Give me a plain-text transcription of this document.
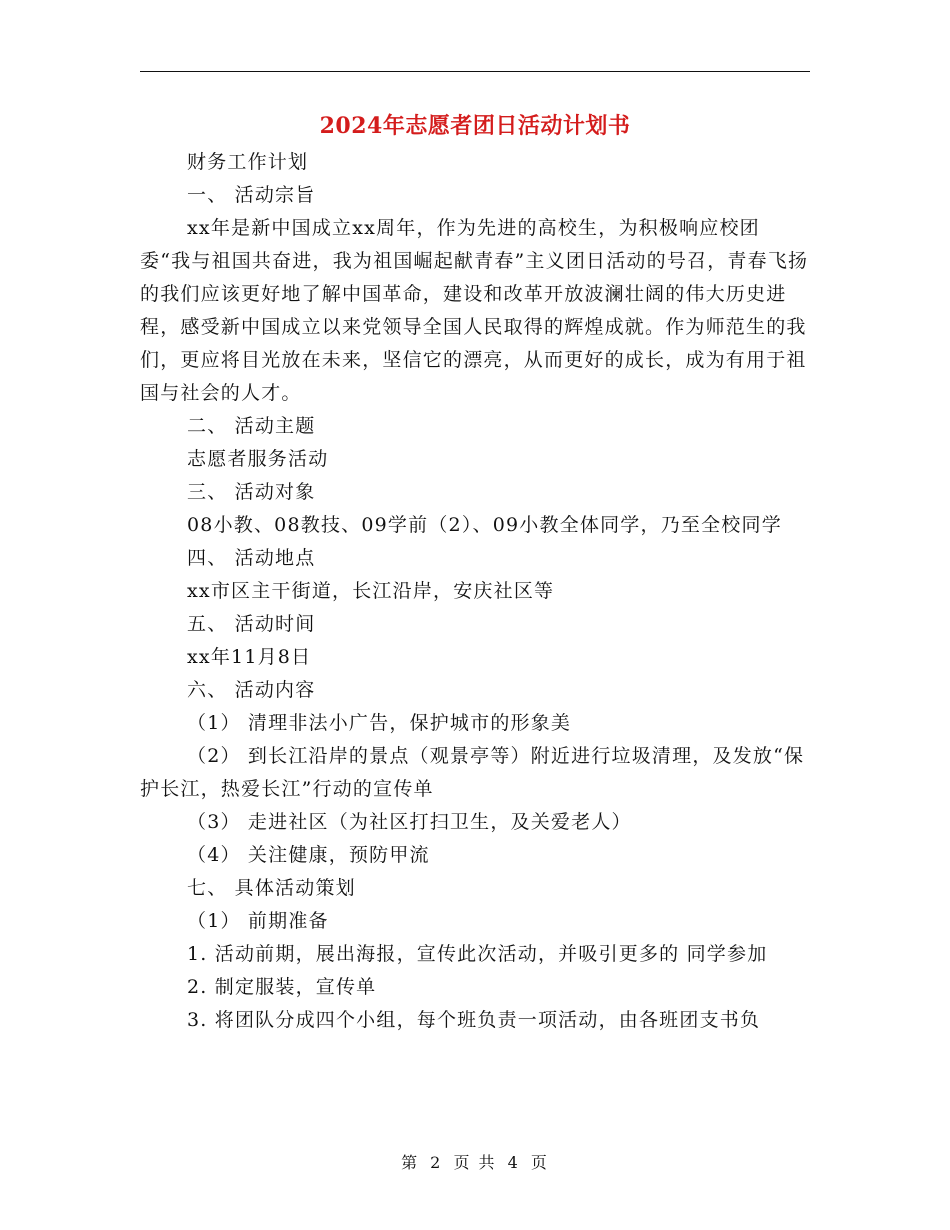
2024年志愿者团日活动计划书

财务工作计划

一、 活动宗旨

xx年是新中国成立xx周年，作为先进的高校生，为积极响应校团委“我与祖国共奋进，我为祖国崛起献青春”主义团日活动的号召，青春飞扬的我们应该更好地了解中国革命，建设和改革开放波澜壮阔的伟大历史进程，感受新中国成立以来党领导全国人民取得的辉煌成就。作为师范生的我们，更应将目光放在未来，坚信它的漂亮，从而更好的成长，成为有用于祖国与社会的人才。

二、 活动主题

志愿者服务活动

三、 活动对象

08小教、08教技、09学前（2）、09小教全体同学，乃至全校同学

四、 活动地点

xx市区主干街道，长江沿岸，安庆社区等

五、 活动时间

xx年11月8日

六、 活动内容

（1） 清理非法小广告，保护城市的形象美

（2） 到长江沿岸的景点（观景亭等）附近进行垃圾清理，及发放“保护长江，热爱长江”行动的宣传单

（3） 走进社区（为社区打扫卫生，及关爱老人）

（4） 关注健康，预防甲流

七、 具体活动策划

（1） 前期准备

1. 活动前期，展出海报，宣传此次活动，并吸引更多的 同学参加

2. 制定服装，宣传单

3. 将团队分成四个小组，每个班负责一项活动，由各班团支书负

第 2 页 共 4 页
